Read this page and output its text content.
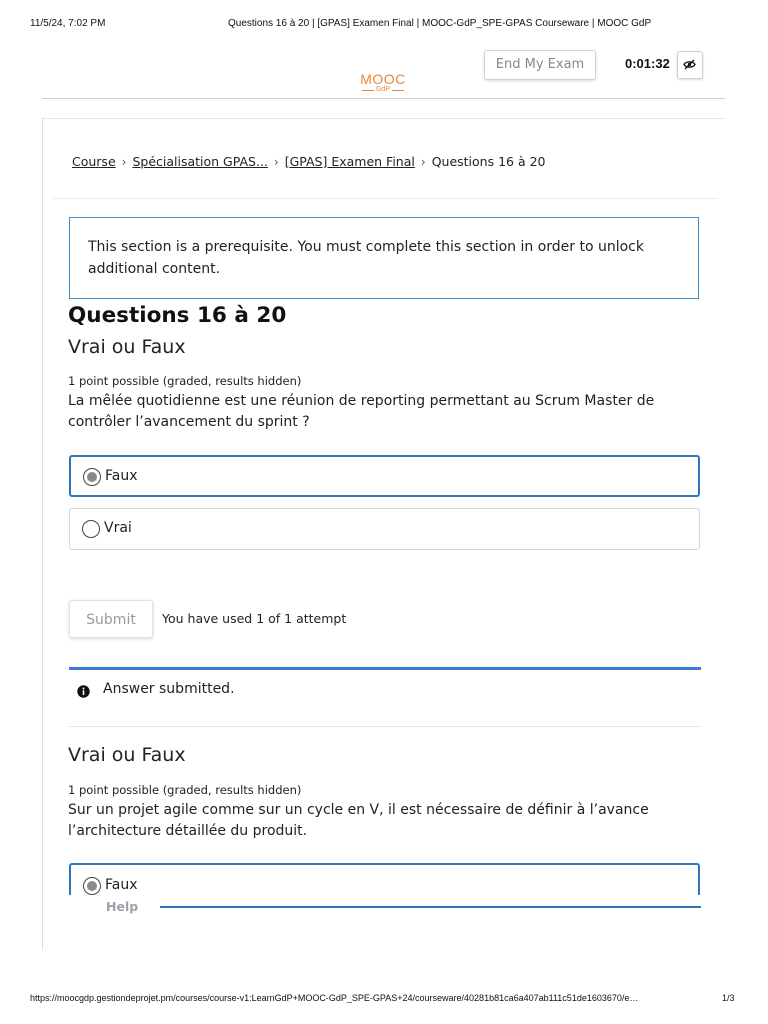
11/5/24, 7:02 PM	Questions 16 à 20 | [GPAS] Examen Final | MOOC-GdP_SPE-GPAS Courseware | MOOC GdP
MOOC
GdP
End My Exam	0:01:32
Course › Spécialisation GPAS... › [GPAS] Examen Final › Questions 16 à 20
This section is a prerequisite. You must complete this section in order to unlock additional content.
Questions 16 à 20
Vrai ou Faux
1 point possible (graded, results hidden)
La mêlée quotidienne est une réunion de reporting permettant au Scrum Master de contrôler l’avancement du sprint ?
Faux
Vrai
Submit	You have used 1 of 1 attempt
Answer submitted.
Vrai ou Faux
1 point possible (graded, results hidden)
Sur un projet agile comme sur un cycle en V, il est nécessaire de définir à l’avance l’architecture détaillée du produit.
Faux
Help
https://moocgdp.gestiondeprojet.pm/courses/course-v1:LearnGdP+MOOC-GdP_SPE-GPAS+24/courseware/40281b81ca6a407ab111c51de1603670/e…	1/3
